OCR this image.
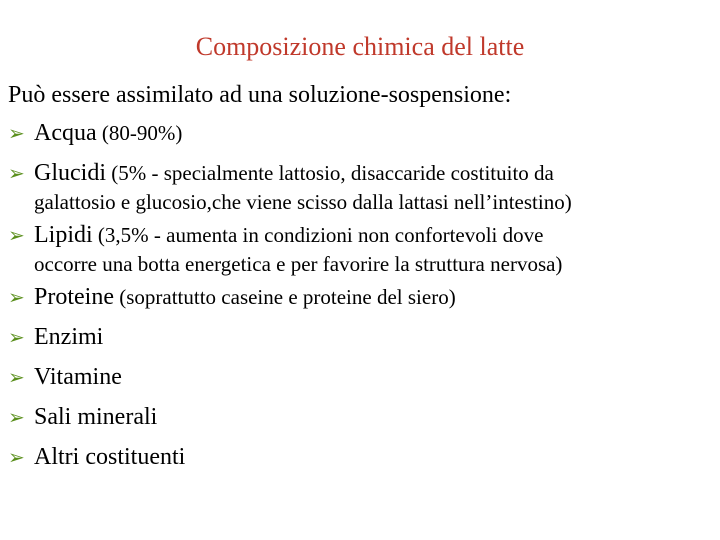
Composizione chimica del latte
Può essere assimilato ad una soluzione-sospensione:
➢ Acqua (80-90%)
➢ Glucidi (5% - specialmente lattosio, disaccaride costituito da
galattosio e glucosio,che viene scisso dalla lattasi nell’intestino)
➢ Lipidi (3,5% - aumenta in condizioni non confortevoli dove
occorre una botta energetica e per favorire la struttura nervosa)
➢ Proteine (soprattutto caseine e proteine del siero)
➢ Enzimi
➢ Vitamine
➢ Sali minerali
➢ Altri costituenti
